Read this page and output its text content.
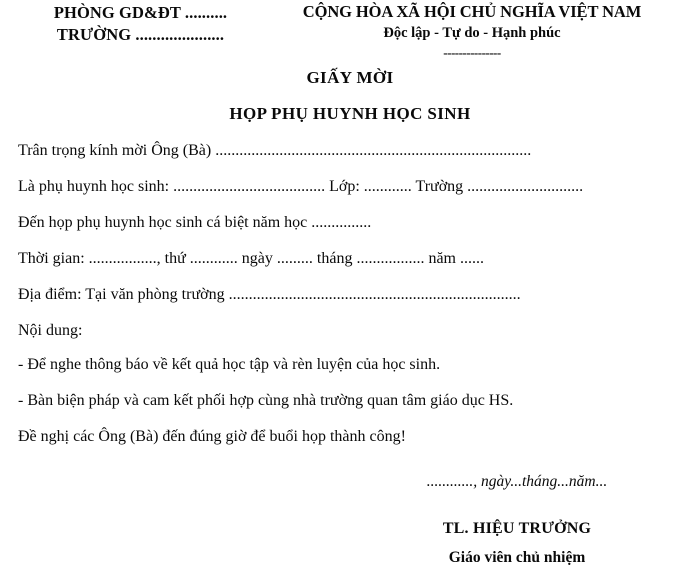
PHÒNG GD&ĐT ..........
TRƯỜNG .....................
CỘNG HÒA XÃ HỘI CHỦ NGHĨA VIỆT NAM
Độc lập - Tự do - Hạnh phúc
---------------
GIẤY MỜI
HỌP PHỤ HUYNH HỌC SINH
Trân trọng kính mời Ông (Bà) ...............................................................................
Là phụ huynh học sinh: ...................................... Lớp: ............ Trường .............................
Đến họp phụ huynh học sinh cá biệt năm học ...............
Thời gian: ................., thứ ............ ngày ......... tháng ................. năm ......
Địa điểm: Tại văn phòng trường .........................................................................
Nội dung:
- Để nghe thông báo về kết quả học tập và rèn luyện của học sinh.
- Bàn biện pháp và cam kết phối hợp cùng nhà trường quan tâm giáo dục HS.
Đề nghị các Ông (Bà) đến đúng giờ để buổi họp thành công!
............, ngày...tháng...năm...
TL. HIỆU TRƯỞNG
Giáo viên chủ nhiệm
